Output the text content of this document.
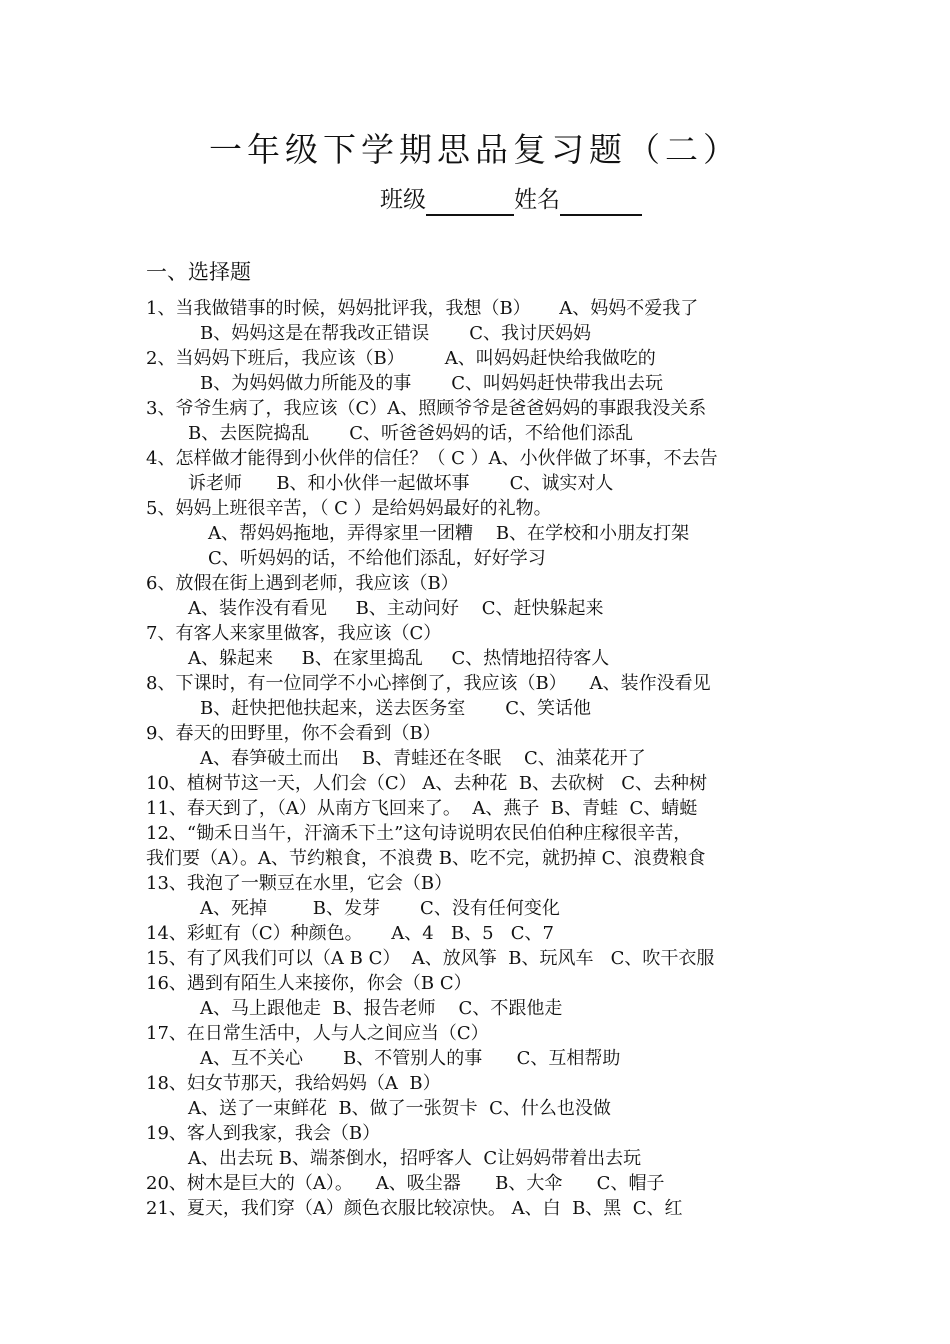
一年级下学期思品复习题（二）
班级	姓名
一、选择题
1、当我做错事的时候，妈妈批评我，我想（B）     A、妈妈不爱我了
B、妈妈这是在帮我改正错误       C、我讨厌妈妈
2、当妈妈下班后，我应该（B）       A、叫妈妈赶快给我做吃的
B、为妈妈做力所能及的事       C、叫妈妈赶快带我出去玩
3、爷爷生病了，我应该（C）A、照顾爷爷是爸爸妈妈的事跟我没关系
B、去医院捣乱       C、听爸爸妈妈的话，不给他们添乱
4、怎样做才能得到小伙伴的信任？（ C ）A、小伙伴做了坏事，不去告
诉老师      B、和小伙伴一起做坏事       C、诚实对人
5、妈妈上班很辛苦，（ C ）是给妈妈最好的礼物。
A、帮妈妈拖地，弄得家里一团糟    B、在学校和小朋友打架
C、听妈妈的话，不给他们添乱，好好学习
6、放假在街上遇到老师，我应该（B）
A、装作没有看见     B、主动问好    C、赶快躲起来
7、有客人来家里做客，我应该（C）
A、躲起来     B、在家里捣乱     C、热情地招待客人
8、下课时，有一位同学不小心摔倒了，我应该（B）    A、装作没看见
B、赶快把他扶起来，送去医务室       C、笑话他
9、春天的田野里，你不会看到（B）
A、春笋破土而出    B、青蛙还在冬眠    C、油菜花开了
10、植树节这一天，人们会（C） A、去种花  B、去砍树   C、去种树
11、春天到了，（A）从南方飞回来了。  A、燕子  B、青蛙  C、蜻蜓
12、“锄禾日当午，汗滴禾下土”这句诗说明农民伯伯种庄稼很辛苦，
我们要（A）。A、节约粮食，不浪费 B、吃不完，就扔掉 C、浪费粮食
13、我泡了一颗豆在水里，它会（B）
A、死掉        B、发芽       C、没有任何变化
14、彩虹有（C）种颜色。     A、4   B、5   C、7
15、有了风我们可以（A B C）  A、放风筝  B、玩风车   C、吹干衣服
16、遇到有陌生人来接你，你会（B C）
A、马上跟他走  B、报告老师    C、不跟他走
17、在日常生活中，人与人之间应当（C）
A、互不关心       B、不管别人的事      C、互相帮助
18、妇女节那天，我给妈妈（A  B）
A、送了一束鲜花  B、做了一张贺卡  C、什么也没做
19、客人到我家，我会（B）
A、出去玩 B、端茶倒水，招呼客人  C让妈妈带着出去玩
20、树木是巨大的（A）。    A、吸尘器      B、大伞      C、帽子
21、夏天，我们穿（A）颜色衣服比较凉快。 A、白  B、黑  C、红
